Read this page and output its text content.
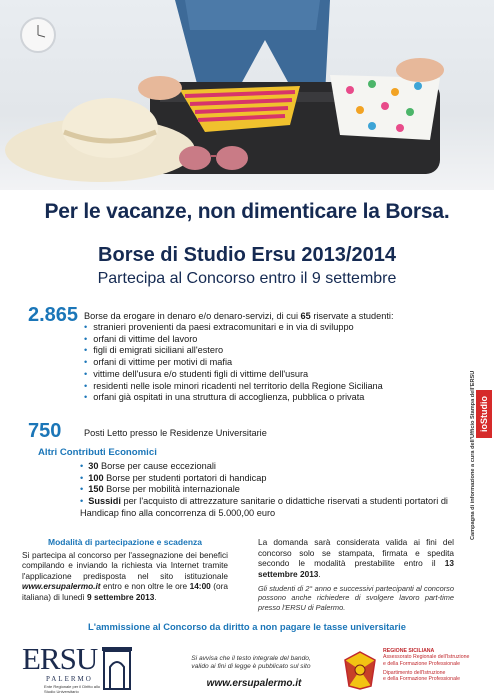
Per le vacanze, non dimenticare la Borsa.
Borse di Studio Ersu 2013/2014
Partecipa al Concorso entro il 9 settembre
2.865 Borse da erogare in denaro e/o denaro-servizi, di cui 65 riservate a studenti:
• stranieri provenienti da paesi extracomunitari e in via di sviluppo
• orfani di vittime del lavoro
• figli di emigrati siciliani all'estero
• orfani di vittime per motivi di mafia
• vittime dell'usura e/o studenti figli di vittime dell'usura
• residenti nelle isole minori ricadenti nel territorio della Regione Siciliana
• orfani già ospitati in una struttura di accoglienza, pubblica o privata
750 Posti Letto presso le Residenze Universitarie
Altri Contributi Economici
• 30 Borse per cause eccezionali
• 100 Borse per studenti portatori di handicap
• 150 Borse per mobilità internazionale
• Sussidi per l'acquisto di attrezzature sanitarie o didattiche riservati a studenti portatori di Handicap fino alla concorrenza di 5.000,00 euro
Modalità di partecipazione e scadenza
Si partecipa al concorso per l'assegnazione dei benefici compilando e inviando la richiesta via Internet tramite l'applicazione predisposta nel sito istituzionale www.ersupalermo.it entro e non oltre le ore 14:00 (ora italiana) di lunedì 9 settembre 2013.
La domanda sarà considerata valida ai fini del concorso solo se stampata, firmata e spedita secondo le modalità prestabilite entro il 13 settembre 2013.
Gli studenti di 2° anno e successivi partecipanti al concorso possono anche richiedere di svolgere lavoro part-time presso l'ERSU di Palermo.
L'ammissione al Concorso da diritto a non pagare le tasse universitarie
ioStudio
Campagna di informazione a cura dell'Ufficio Stampa dell'ERSU
ERSU
PALERMO
Ente Regionale per il Diritto allo Studio Universitario
Si avvisa che il testo integrale del bando, valido ai fini di legge è pubblicato sul sito
www.ersupalermo.it
REGIONE SICILIANA
Assessorato Regionale dell'Istruzione
e della Formazione Professionale
Dipartimento dell'Istruzione
e della Formazione Professionale
